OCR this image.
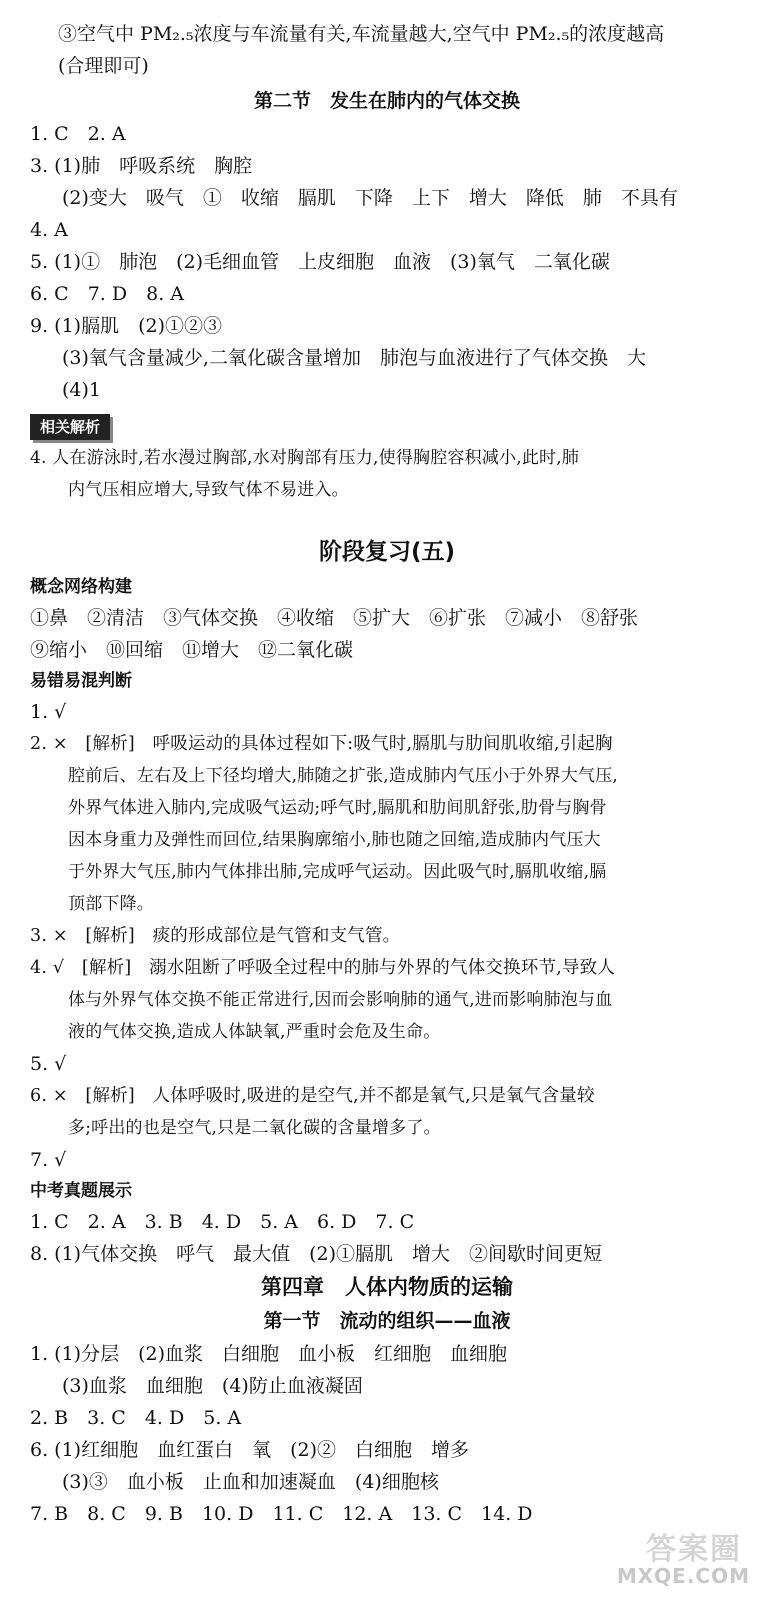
③空气中 PM₂.₅浓度与车流量有关,车流量越大,空气中 PM₂.₅的浓度越高
(合理即可)
第二节　发生在肺内的气体交换
1. C　2. A
3. (1)肺　呼吸系统　胸腔
(2)变大　吸气　①　收缩　膈肌　下降　上下　增大　降低　肺　不具有
4. A
5. (1)①　肺泡　(2)毛细血管　上皮细胞　血液　(3)氧气　二氧化碳
6. C　7. D　8. A
9. (1)膈肌　(2)①②③
(3)氧气含量减少,二氧化碳含量增加　肺泡与血液进行了气体交换　大
(4)1
相关解析
4. 人在游泳时,若水漫过胸部,水对胸部有压力,使得胸腔容积减小,此时,肺
内气压相应增大,导致气体不易进入。
阶段复习(五)
概念网络构建
①鼻　②清洁　③气体交换　④收缩　⑤扩大　⑥扩张　⑦减小　⑧舒张
⑨缩小　⑩回缩　⑪增大　⑫二氧化碳
易错易混判断
1. √
2. ×　[解析]　呼吸运动的具体过程如下:吸气时,膈肌与肋间肌收缩,引起胸
腔前后、左右及上下径均增大,肺随之扩张,造成肺内气压小于外界大气压,
外界气体进入肺内,完成吸气运动;呼气时,膈肌和肋间肌舒张,肋骨与胸骨
因本身重力及弹性而回位,结果胸廓缩小,肺也随之回缩,造成肺内气压大
于外界大气压,肺内气体排出肺,完成呼气运动。因此吸气时,膈肌收缩,膈
顶部下降。
3. ×　[解析]　痰的形成部位是气管和支气管。
4. √　[解析]　溺水阻断了呼吸全过程中的肺与外界的气体交换环节,导致人
体与外界气体交换不能正常进行,因而会影响肺的通气,进而影响肺泡与血
液的气体交换,造成人体缺氧,严重时会危及生命。
5. √
6. ×　[解析]　人体呼吸时,吸进的是空气,并不都是氧气,只是氧气含量较
多;呼出的也是空气,只是二氧化碳的含量增多了。
7. √
中考真题展示
1. C　2. A　3. B　4. D　5. A　6. D　7. C
8. (1)气体交换　呼气　最大值　(2)①膈肌　增大　②间歇时间更短
第四章　人体内物质的运输
第一节　流动的组织——血液
1. (1)分层　(2)血浆　白细胞　血小板　红细胞　血细胞
(3)血浆　血细胞　(4)防止血液凝固
2. B　3. C　4. D　5. A
6. (1)红细胞　血红蛋白　氧　(2)②　白细胞　增多
(3)③　血小板　止血和加速凝血　(4)细胞核
7. B　8. C　9. B　10. D　11. C　12. A　13. C　14. D
答案圈
MXQE.COM
